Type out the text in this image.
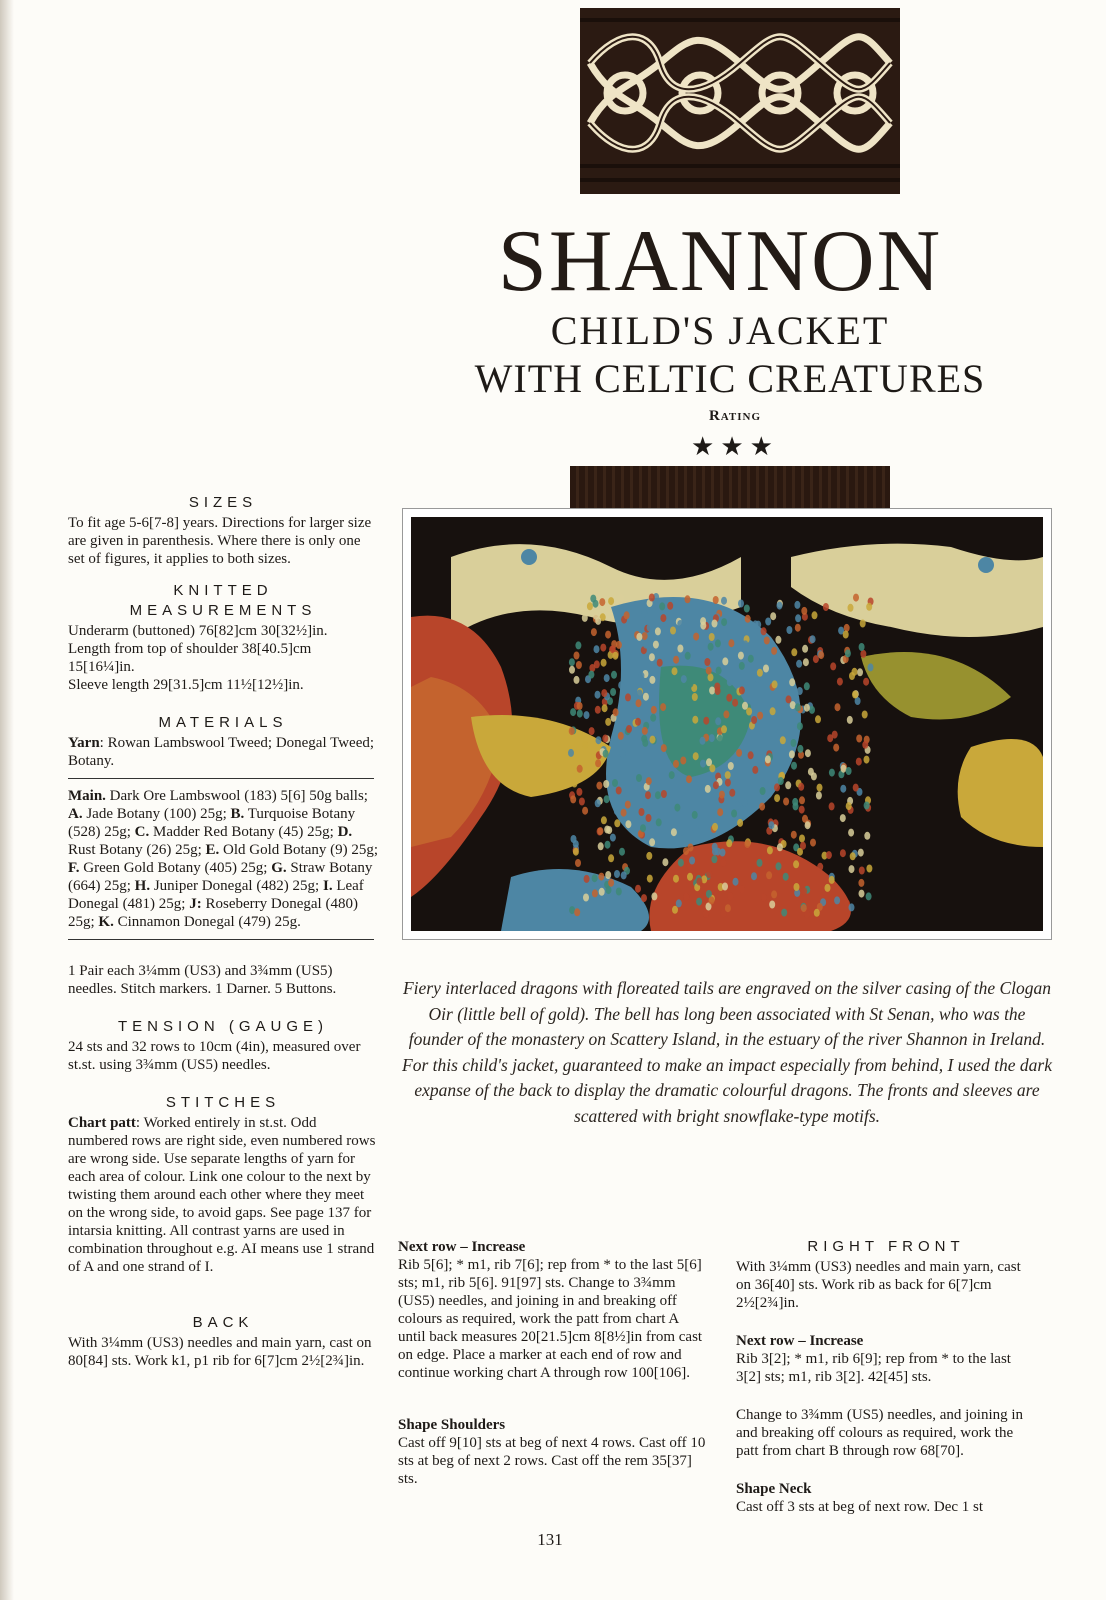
SHANNON
CHILD'S JACKET
WITH CELTIC CREATURES
Rating
★★★
Fiery interlaced dragons with floreated tails are engraved on the silver casing of the Clogan Oir (little bell of gold). The bell has long been associated with St Senan, who was the founder of the monastery on Scattery Island, in the estuary of the river Shannon in Ireland. For this child's jacket, guaranteed to make an impact especially from behind, I used the dark expanse of the back to display the dramatic colourful dragons. The fronts and sleeves are scattered with bright snowflake-type motifs.
SIZES
To fit age 5-6[7-8] years. Directions for larger size are given in parenthesis. Where there is only one set of figures, it applies to both sizes.
KNITTED
MEASUREMENTS
Underarm (buttoned) 76[82]cm 30[32½]in.
Length from top of shoulder 38[40.5]cm 15[16¼]in.
Sleeve length 29[31.5]cm 11½[12½]in.
MATERIALS
Yarn: Rowan Lambswool Tweed; Donegal Tweed; Botany.
Main. Dark Ore Lambswool (183) 5[6] 50g balls; A. Jade Botany (100) 25g; B. Turquoise Botany (528) 25g; C. Madder Red Botany (45) 25g; D. Rust Botany (26) 25g; E. Old Gold Botany (9) 25g; F. Green Gold Botany (405) 25g; G. Straw Botany (664) 25g; H. Juniper Donegal (482) 25g; I. Leaf Donegal (481) 25g; J: Roseberry Donegal (480) 25g; K. Cinnamon Donegal (479) 25g.
1 Pair each 3¼mm (US3) and 3¾mm (US5) needles. Stitch markers. 1 Darner. 5 Buttons.
TENSION (GAUGE)
24 sts and 32 rows to 10cm (4in), measured over st.st. using 3¾mm (US5) needles.
STITCHES
Chart patt: Worked entirely in st.st. Odd numbered rows are right side, even numbered rows are wrong side. Use separate lengths of yarn for each area of colour. Link one colour to the next by twisting them around each other where they meet on the wrong side, to avoid gaps. See page 137 for intarsia knitting. All contrast yarns are used in combination throughout e.g. AI means use 1 strand of A and one strand of I.
BACK
With 3¼mm (US3) needles and main yarn, cast on 80[84] sts. Work k1, p1 rib for 6[7]cm 2½[2¾]in.
Next row – Increase
Rib 5[6]; * m1, rib 7[6]; rep from * to the last 5[6] sts; m1, rib 5[6]. 91[97] sts. Change to 3¾mm (US5) needles, and joining in and breaking off colours as required, work the patt from chart A until back measures 20[21.5]cm 8[8½]in from cast on edge. Place a marker at each end of row and continue working chart A through row 100[106].
Shape Shoulders
Cast off 9[10] sts at beg of next 4 rows. Cast off 10 sts at beg of next 2 rows. Cast off the rem 35[37] sts.
RIGHT FRONT
With 3¼mm (US3) needles and main yarn, cast on 36[40] sts. Work rib as back for 6[7]cm 2½[2¾]in.
Next row – Increase
Rib 3[2]; * m1, rib 6[9]; rep from * to the last 3[2] sts; m1, rib 3[2]. 42[45] sts.
Change to 3¾mm (US5) needles, and joining in and breaking off colours as required, work the patt from chart B through row 68[70].
Shape Neck
Cast off 3 sts at beg of next row. Dec 1 st
131
